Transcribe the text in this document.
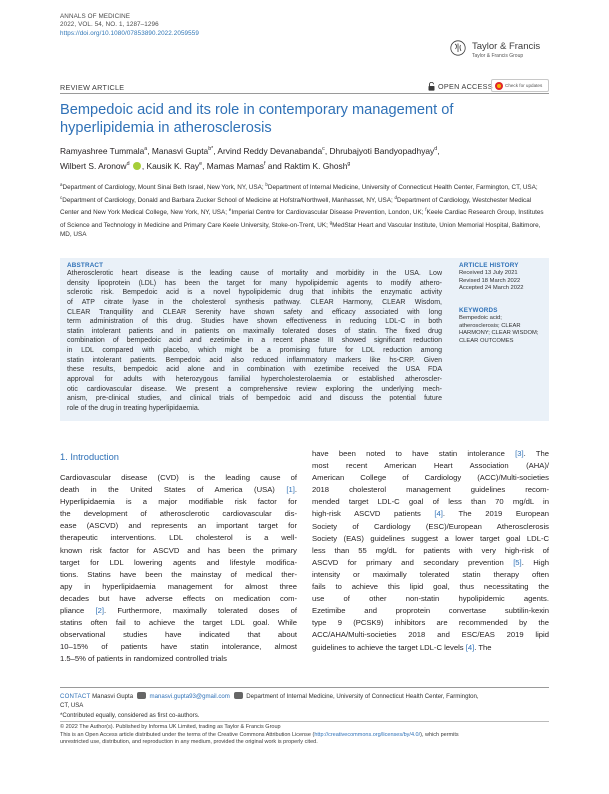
ANNALS OF MEDICINE
2022, VOL. 54, NO. 1, 1287–1296
https://doi.org/10.1080/07853890.2022.2059559
Taylor & Francis
Taylor & Francis Group
REVIEW ARTICLE	OPEN ACCESS	Check for updates
Bempedoic acid and its role in contemporary management of
hyperlipidemia in atherosclerosis
Ramyashree Tummala$^a$, Manasvi Gupta$^{b*}$, Arvind Reddy Devanabanda$^c$, Dhrubajyoti Bandyopadhyay$^d$,
Wilbert S. Aronow$^d$ , Kausik K. Ray$^e$, Mamas Mamas$^f$ and Raktim K. Ghosh$^g$
$^a$Department of Cardiology, Mount Sinai Beth Israel, New York, NY, USA; $^b$Department of Internal Medicine, University of Connecticut Health Center, Farmington, CT, USA; $^c$Department of Cardiology, Donald and Barbara Zucker School of Medicine at Hofstra/Northwell, Manhasset, NY, USA; $^d$Department of Cardiology, Westchester Medical Center and New York Medical College, New York, NY, USA; $^e$Imperial Centre for Cardiovascular Disease Prevention, London, UK; $^f$Keele Cardiac Research Group, Institutes of Science and Technology in Medicine and Primary Care Keele University, Stoke-on-Trent, UK; $^g$MedStar Heart and Vascular Institute, Union Memorial Hospital, Baltimore, MD, USA
ABSTRACT
Atherosclerotic heart disease is the leading cause of mortality and morbidity in the USA. Low
density lipoprotein (LDL) has been the target for many hypolipidemic agents to modify athero-
sclerotic risk. Bempedoic acid is a novel hypolipidemic drug that inhibits the enzymatic activity
of ATP citrate lyase in the cholesterol synthesis pathway. CLEAR Harmony, CLEAR Wisdom,
CLEAR Tranquillity and CLEAR Serenity have shown safety and efficacy associated with long
term administration of this drug. Studies have shown effectiveness in reducing LDL-C in both
statin intolerant patients and in patients on maximally tolerated doses of statin. The fixed drug
combination of bempedoic acid and ezetimibe in a recent phase III showed significant reduction
in LDL compared with placebo, which might be a promising future for LDL reduction among
statin intolerant patients. Bempedoic acid also reduced inflammatory markers like hs-CRP. Given
these results, bempedoic acid alone and in combination with ezetimibe received the USA FDA
approval for adults with heterozygous familial hypercholesterolaemia or established atheroscler-
otic cardiovascular disease. We present a comprehensive review exploring the underlying mech-
anism, pre-clinical studies, and clinical trials of bempedoic acid and discuss the potential future
role of the drug in treating hyperlipidaemia.
ARTICLE HISTORY
Received 13 July 2021
Revised 18 March 2022
Accepted 24 March 2022
KEYWORDS
Bempedoic acid;
atherosclerosis; CLEAR
HARMONY; CLEAR WISDOM;
CLEAR OUTCOMES
1. Introduction
Cardiovascular disease (CVD) is the leading cause of
death in the United States of America (USA) [1].
Hyperlipidaemia is a major modifiable risk factor for
the development of atherosclerotic cardiovascular dis-
ease (ASCVD) and represents an important target for
therapeutic interventions. LDL cholesterol is a well-
known risk factor for ASCVD and has been the primary
target for LDL lowering agents and lifestyle modifica-
tions. Statins have been the mainstay of medical ther-
apy in hyperlipidaemia management for almost three
decades but have adverse effects on medication com-
pliance [2]. Furthermore, maximally tolerated doses of
statins often fail to achieve the target LDL goal. While
observational studies have indicated that about
10–15% of patients have statin intolerance, almost
1.5–5% of patients in randomized controlled trials
have been noted to have statin intolerance [3]. The
most recent American Heart Association (AHA)/
American College of Cardiology (ACC)/Multi-societies
2018 cholesterol management guidelines recom-
mended target LDL-C goal of less than 70 mg/dL in
high-risk ASCVD patients [4]. The 2019 European
Society of Cardiology (ESC)/European Atherosclerosis
Society (EAS) guidelines suggest a lower target goal LDL-C
less than 55 mg/dL for patients with very high-risk of
ASCVD for primary and secondary prevention [5]. High
intensity or maximally tolerated statin therapy often
fails to achieve this lipid goal, thus necessitating the
use of other non-statin hypolipidemic agents.
Ezetimibe and proprotein convertase subtilin-kexin
type 9 (PCSK9) inhibitors are recommended by the
ACC/AHA/Multi-societies 2018 and ESC/EAS 2019 lipid
guidelines to achieve the target LDL-C levels [4]. The
CONTACT Manasvi Gupta	manasvi.gupta93@gmail.com	Department of Internal Medicine, University of Connecticut Health Center, Farmington,
CT, USA
*Contributed equally, considered as first co-authors.
© 2022 The Author(s). Published by Informa UK Limited, trading as Taylor & Francis Group
This is an Open Access article distributed under the terms of the Creative Commons Attribution License (http://creativecommons.org/licenses/by/4.0/), which permits
unrestricted use, distribution, and reproduction in any medium, provided the original work is properly cited.
